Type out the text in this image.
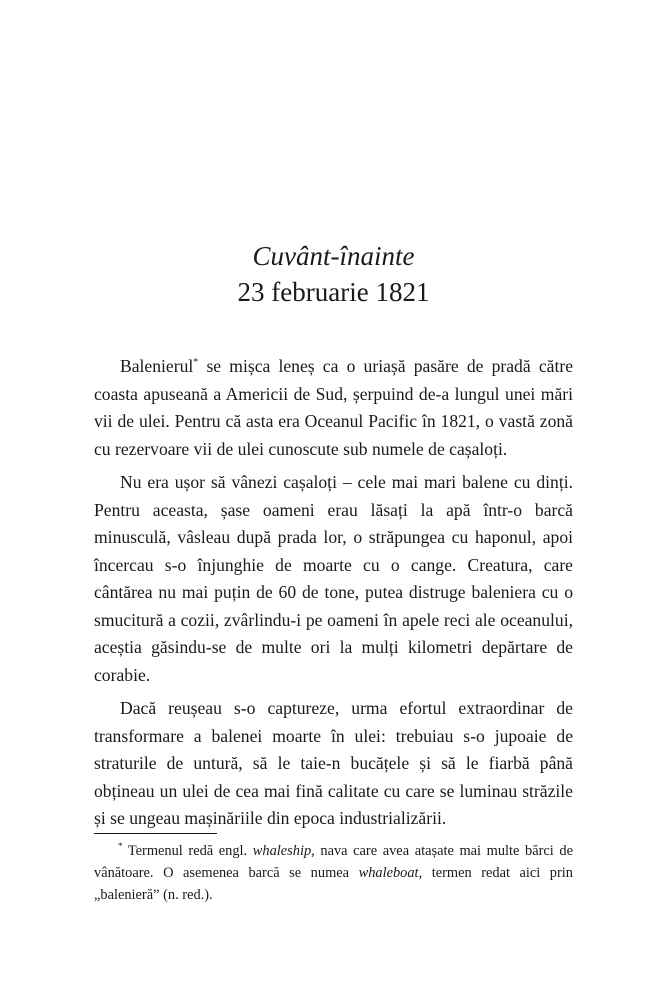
Cuvânt-înainte
23 februarie 1821

Balenierul* se mișca leneș ca o uriașă pasăre de pradă către coasta apuseană a Americii de Sud, șerpuind de-a lungul unei mări vii de ulei. Pentru că asta era Oceanul Pacific în 1821, o vastă zonă cu rezervoare vii de ulei cunoscute sub numele de cașaloți.

Nu era ușor să vânezi cașaloți – cele mai mari balene cu dinți. Pentru aceasta, șase oameni erau lăsați la apă într-o barcă minusculă, vâsleau după prada lor, o străpungea cu haponul, apoi încercau s-o înjunghie de moarte cu o cange. Creatura, care cântărea nu mai puțin de 60 de tone, putea distruge baleniera cu o smucitură a cozii, zvârlindu-i pe oameni în apele reci ale oceanului, aceștia găsindu-se de multe ori la mulți kilometri depărtare de corabie.

Dacă reușeau s-o captureze, urma efortul extraordinar de transformare a balenei moarte în ulei: trebuiau s-o jupoaie de straturile de untură, să le taie-n bucățele și să le fiarbă până obțineau un ulei de cea mai fină calitate cu care se luminau străzile și se ungeau mașinăriile din epoca industrializării.

* Termenul redă engl. whaleship, nava care avea atașate mai multe bărci de vânătoare. O asemenea barcă se numea whaleboat, termen redat aici prin „balenieră” (n. red.).
